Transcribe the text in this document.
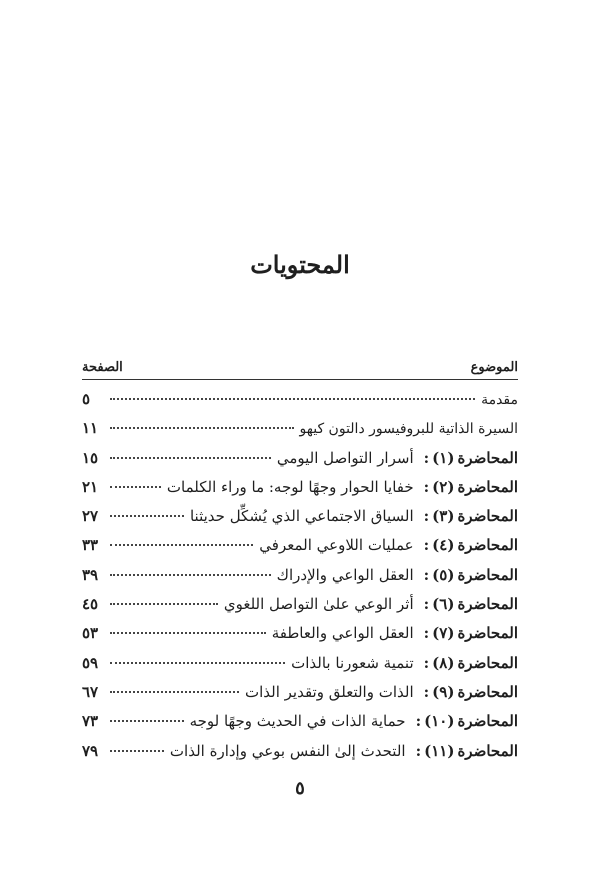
المحتويات
الموضوع
الصفحة
مقدمة
٥
السيرة الذاتية للبروفيسور دالتون كيهو
١١
المحاضرة(١):
أسرار التواصل اليومي
١٥
المحاضرة(٢):
خفايا الحوار وجهًا لوجه: ما وراء الكلمات
٢١
المحاضرة(٣):
السياق الاجتماعي الذي يُشكِّل حديثنا
٢٧
المحاضرة(٤):
عمليات اللاوعي المعرفي
٣٣
المحاضرة(٥):
العقل الواعي والإدراك
٣٩
المحاضرة(٦):
أثر الوعي علىٰ التواصل اللغوي
٤٥
المحاضرة(٧):
العقل الواعي والعاطفة
٥٣
المحاضرة(٨):
تنمية شعورنا بالذات
٥٩
المحاضرة(٩):
الذات والتعلق وتقدير الذات
٦٧
المحاضرة(١٠):
حماية الذات في الحديث وجهًا لوجه
٧٣
المحاضرة(١١):
التحدث إلىٰ النفس بوعي وإدارة الذات
٧٩
٥
